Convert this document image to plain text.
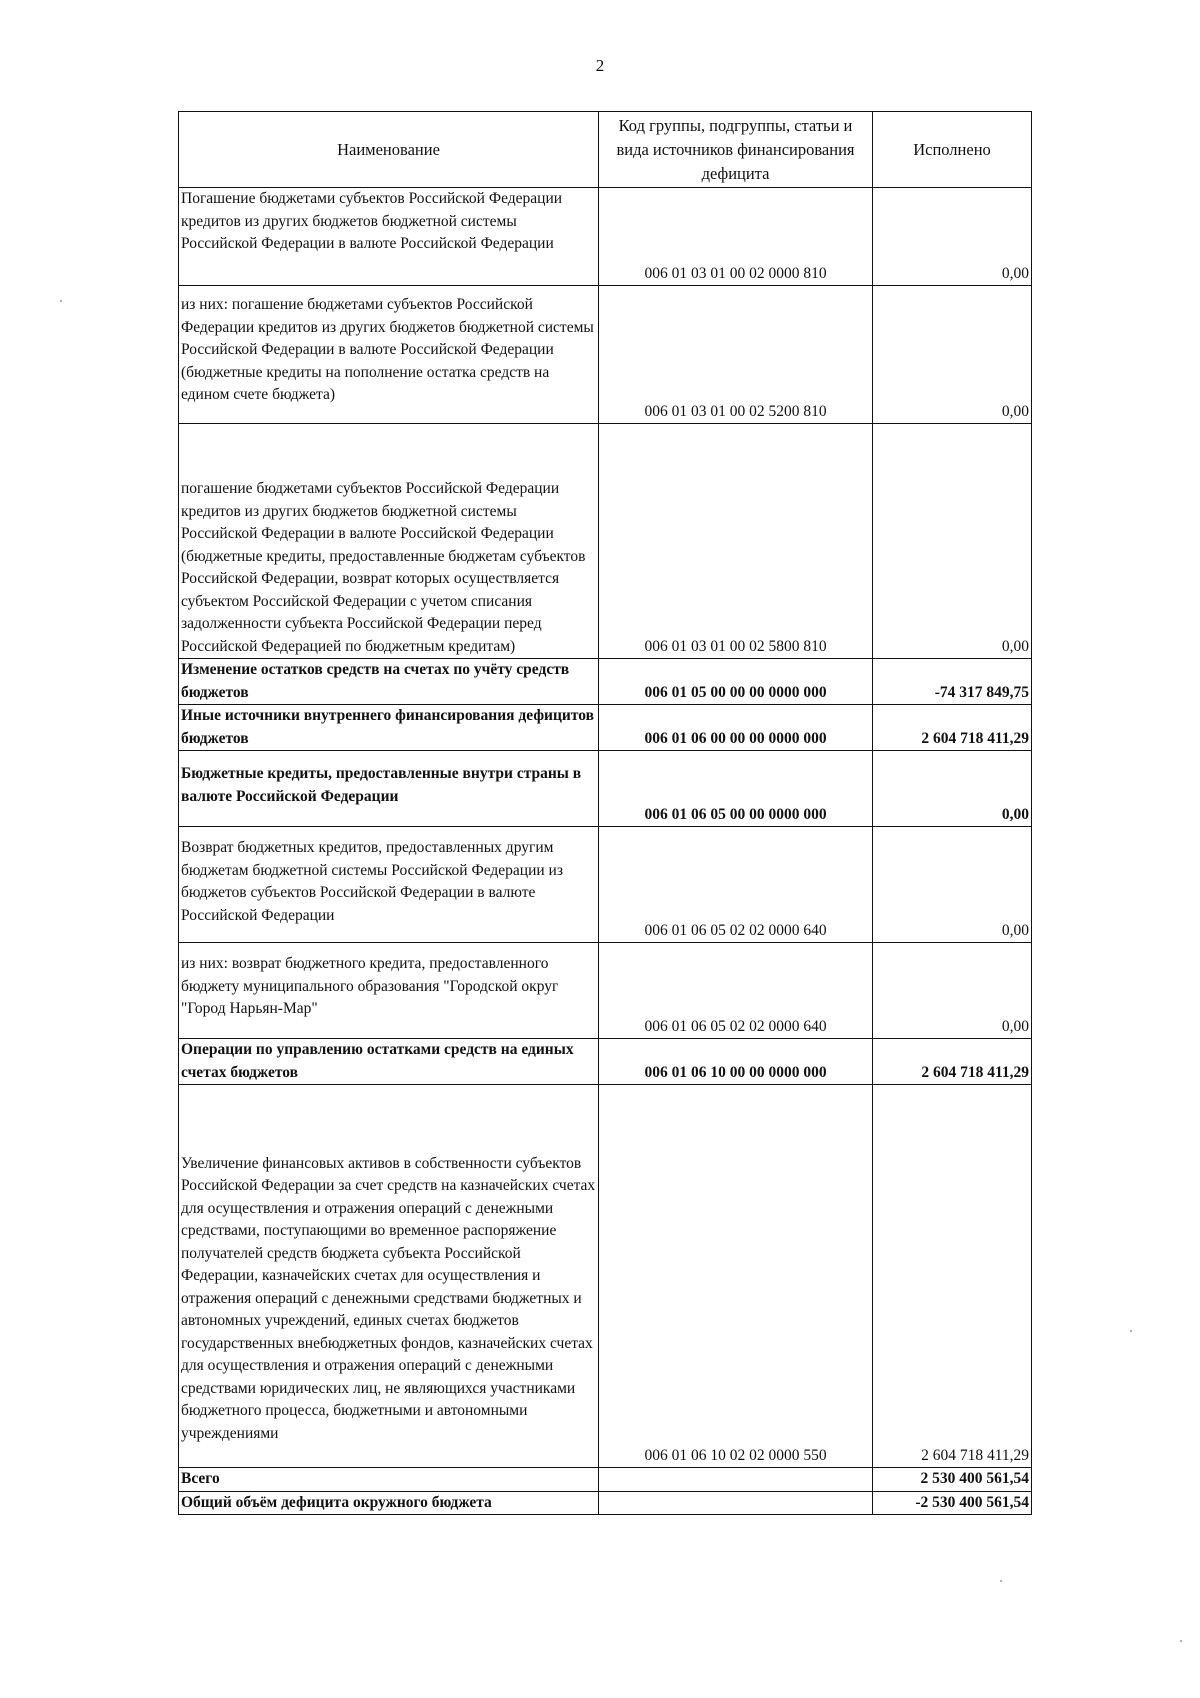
2
Наименование	Код группы, подгруппы, статьи и вида источников финансирования дефицита	Исполнено
Погашение бюджетами субъектов Российской Федерации кредитов из других бюджетов бюджетной системы Российской Федерации в валюте Российской Федерации	006 01 03 01 00 02 0000 810	0,00
из них: погашение бюджетами субъектов Российской Федерации кредитов из других бюджетов бюджетной системы Российской Федерации в валюте Российской Федерации (бюджетные кредиты на пополнение остатка средств на едином счете бюджета)	006 01 03 01 00 02 5200 810	0,00
погашение бюджетами субъектов Российской Федерации кредитов из других бюджетов бюджетной системы Российской Федерации в валюте Российской Федерации (бюджетные кредиты, предоставленные бюджетам субъектов Российской Федерации, возврат которых осуществляется субъектом Российской Федерации с учетом списания задолженности субъекта Российской Федерации перед Российской Федерацией по бюджетным кредитам)	006 01 03 01 00 02 5800 810	0,00
Изменение остатков средств на счетах по учёту средств бюджетов	006 01 05 00 00 00 0000 000	-74 317 849,75
Иные источники внутреннего финансирования дефицитов бюджетов	006 01 06 00 00 00 0000 000	2 604 718 411,29
Бюджетные кредиты, предоставленные внутри страны в валюте Российской Федерации	006 01 06 05 00 00 0000 000	0,00
Возврат бюджетных кредитов, предоставленных другим бюджетам бюджетной системы Российской Федерации из бюджетов субъектов Российской Федерации в валюте Российской Федерации	006 01 06 05 02 02 0000 640	0,00
из них: возврат бюджетного кредита, предоставленного бюджету муниципального образования "Городской округ "Город Нарьян-Мар"	006 01 06 05 02 02 0000 640	0,00
Операции по управлению остатками средств на единых счетах бюджетов	006 01 06 10 00 00 0000 000	2 604 718 411,29
Увеличение финансовых активов в собственности субъектов Российской Федерации за счет средств на казначейских счетах для осуществления и отражения операций с денежными средствами, поступающими во временное распоряжение получателей средств бюджета субъекта Российской Федерации, казначейских счетах для осуществления и отражения операций с денежными средствами бюджетных и автономных учреждений, единых счетах бюджетов государственных внебюджетных фондов, казначейских счетах для осуществления и отражения операций с денежными средствами юридических лиц, не являющихся участниками бюджетного процесса, бюджетными и автономными учреждениями	006 01 06 10 02 02 0000 550	2 604 718 411,29
Всего		2 530 400 561,54
Общий объём дефицита окружного бюджета		-2 530 400 561,54
